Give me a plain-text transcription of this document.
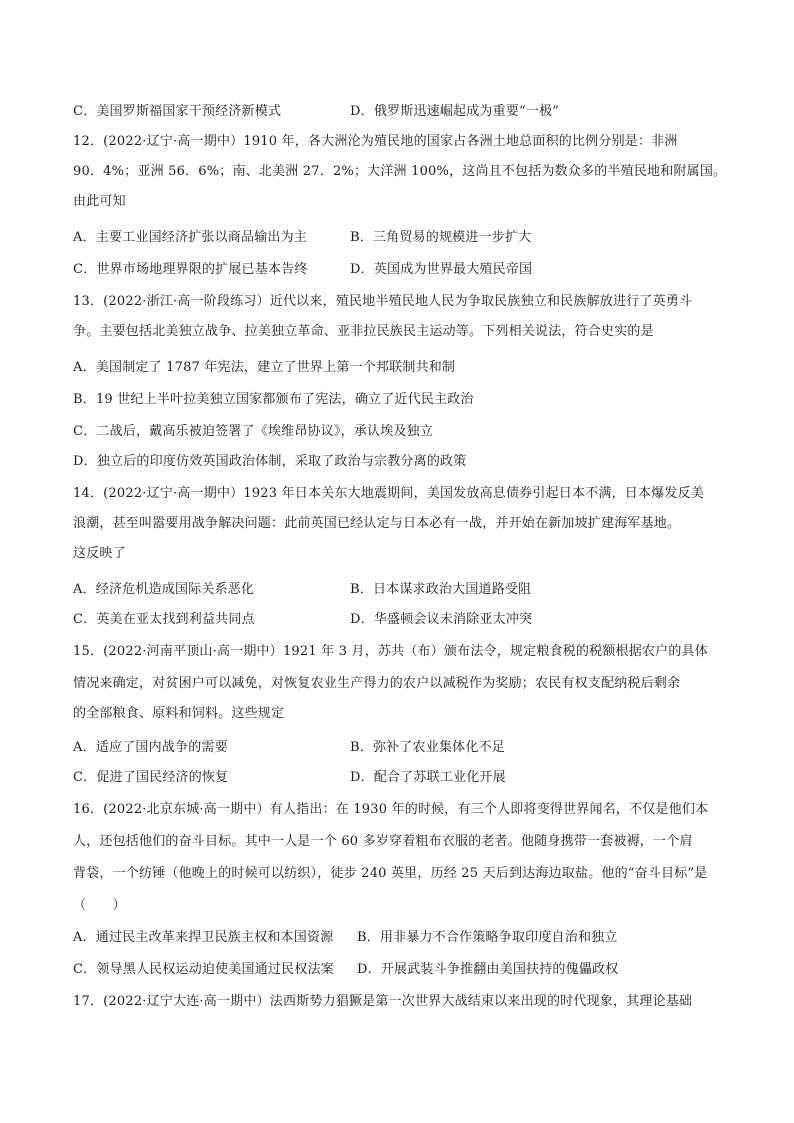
C．美国罗斯福国家干预经济新模式	D．俄罗斯迅速崛起成为重要“一极”
12．(2022·辽宁·高一期中）1910 年，各大洲沦为殖民地的国家占各洲土地总面积的比例分别是：非洲
90．4%；亚洲 56．6%；南、北美洲 27．2%；大洋洲 100%，这尚且不包括为数众多的半殖民地和附属国。
由此可知
A．主要工业国经济扩张以商品输出为主	B．三角贸易的规模进一步扩大
C．世界市场地理界限的扩展已基本告终	D．英国成为世界最大殖民帝国
13．(2022·浙江·高一阶段练习）近代以来，殖民地半殖民地人民为争取民族独立和民族解放进行了英勇斗
争。主要包括北美独立战争、拉美独立革命、亚非拉民族民主运动等。下列相关说法，符合史实的是
A．美国制定了 1787 年宪法，建立了世界上第一个邦联制共和制
B．19 世纪上半叶拉美独立国家都颁布了宪法，确立了近代民主政治
C．二战后，戴高乐被迫签署了《埃维昂协议》，承认埃及独立
D．独立后的印度仿效英国政治体制，采取了政治与宗教分离的政策
14．(2022·辽宁·高一期中）1923 年日本关东大地震期间，美国发放高息债券引起日本不满，日本爆发反美
浪潮，甚至叫嚣要用战争解决问题：此前英国已经认定与日本必有一战，并开始在新加坡扩建海军基地。
这反映了
A．经济危机造成国际关系恶化	B．日本谋求政治大国道路受阻
C．英美在亚太找到利益共同点	D．华盛顿会议未消除亚太冲突
15．(2022·河南平顶山·高一期中）1921 年 3 月，苏共（布）颁布法令，规定粮食税的税额根据农户的具体
情况来确定，对贫困户可以减免，对恢复农业生产得力的农户以减税作为奖励；农民有权支配纳税后剩余
的全部粮食、原料和饲料。这些规定
A．适应了国内战争的需要	B．弥补了农业集体化不足
C．促进了国民经济的恢复	D．配合了苏联工业化开展
16．(2022·北京东城·高一期中）有人指出：在 1930 年的时候，有三个人即将变得世界闻名，不仅是他们本
人，还包括他们的奋斗目标。其中一人是一个 60 多岁穿着粗布衣服的老者。他随身携带一套被褥，一个肩
背袋，一个纺锤（他晚上的时候可以纺织），徒步 240 英里，历经 25 天后到达海边取盐。他的“奋斗目标”是
（　　）
A．通过民主改革来捍卫民族主权和本国资源 B．用非暴力不合作策略争取印度自治和独立
C．领导黑人民权运动迫使美国通过民权法案 D．开展武装斗争推翻由美国扶持的傀儡政权
17．(2022·辽宁大连·高一期中）法西斯势力猖獗是第一次世界大战结束以来出现的时代现象，其理论基础
